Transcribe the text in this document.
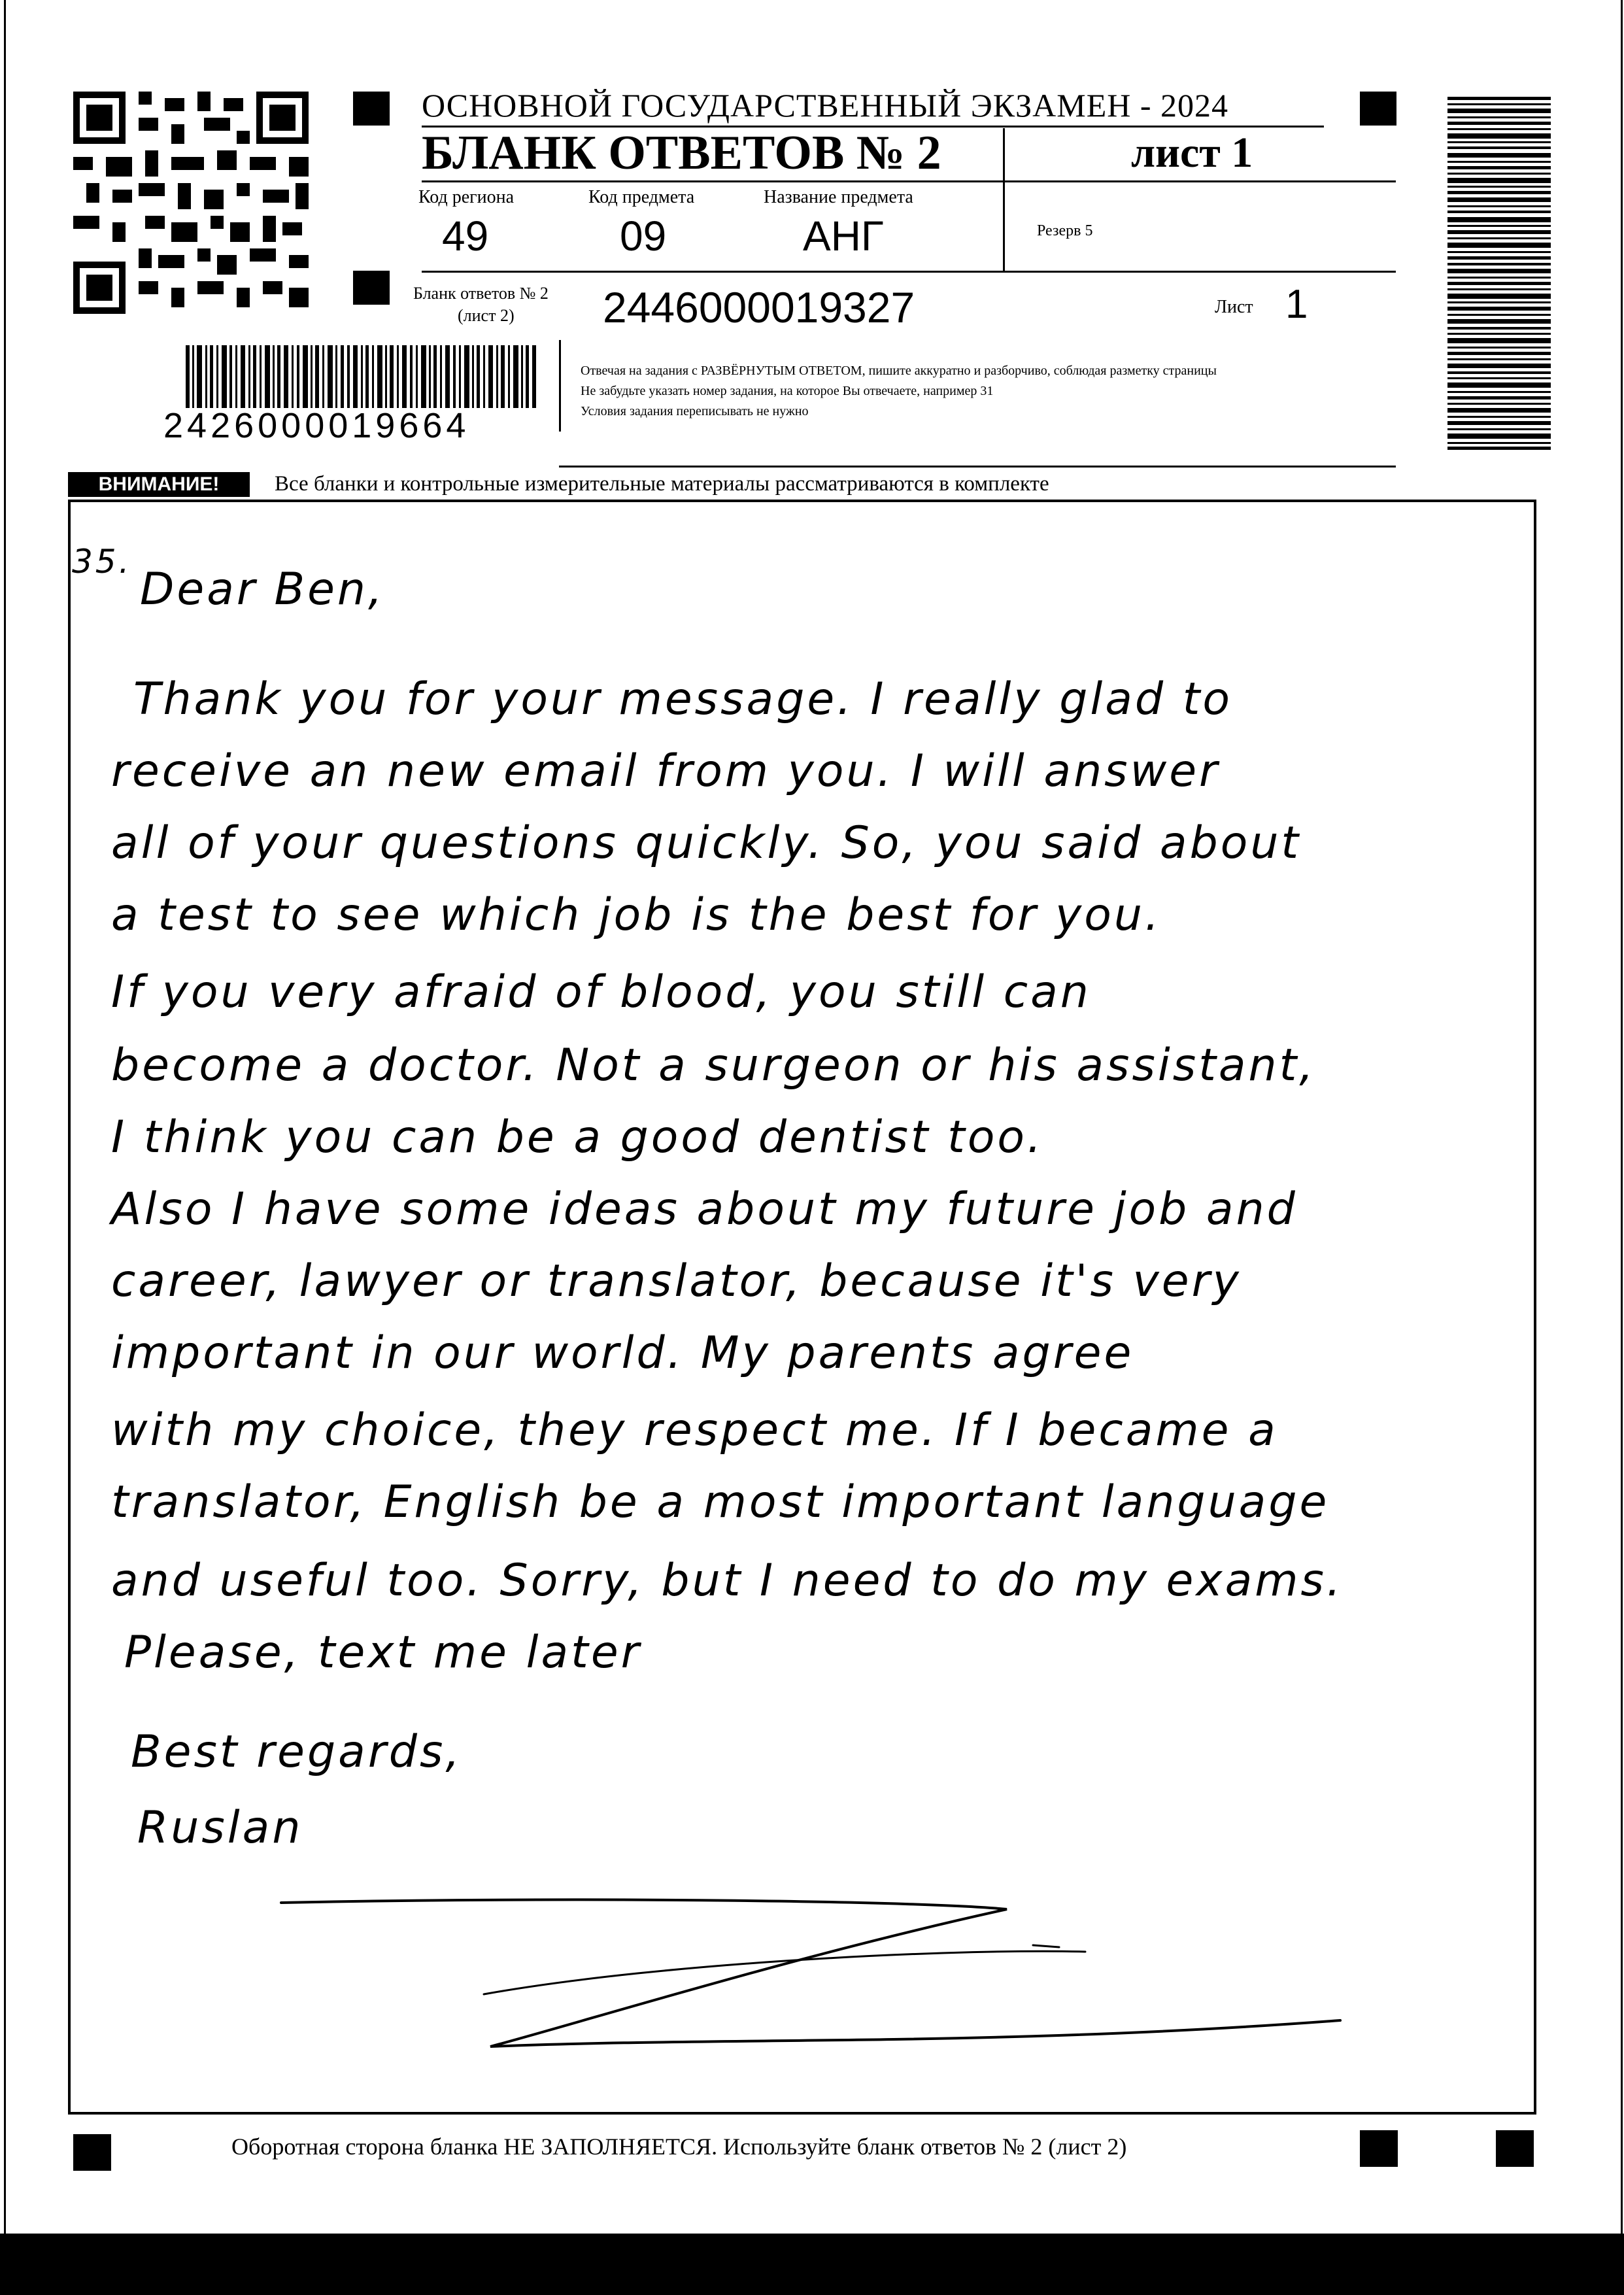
ОСНОВНОЙ ГОСУДАРСТВЕННЫЙ ЭКЗАМЕН - 2024
БЛАНК ОТВЕТОВ № 2	лист 1
Код региона
49
Код предмета
09
Название предмета
АНГ	Резерв 5
Бланк ответов № 2
(лист 2) 2446000019327	Лист 1
Отвечая на задания с РАЗВЁРНУТЫМ ОТВЕТОМ, пишите аккуратно и разборчиво, соблюдая разметку страницы
Не забудьте указать номер задания, на которое Вы отвечаете, например 31
Условия задания переписывать не нужно
2426000019664
ВНИМАНИЕ!	Все бланки и контрольные измерительные материалы рассматриваются в комплекте
35.
Dear Ben,
Thank you for your message. I really glad to
receive an new email from you. I will answer
all of your questions quickly. So, you said about
a test to see which job is the best for you.
If you very afraid of blood, you still can
become a doctor. Not a surgeon or his assistant,
I think you can be a good dentist too.
Also I have some ideas about my future job and
career, lawyer or translator, because it's very
important in our world. My parents agree
with my choice, they respect me. If I became a
translator, English be a most important language
and useful too. Sorry, but I need to do my exams.
Please, text me later
Best regards,
Ruslan
Оборотная сторона бланка НЕ ЗАПОЛНЯЕТСЯ. Используйте бланк ответов № 2 (лист 2)
